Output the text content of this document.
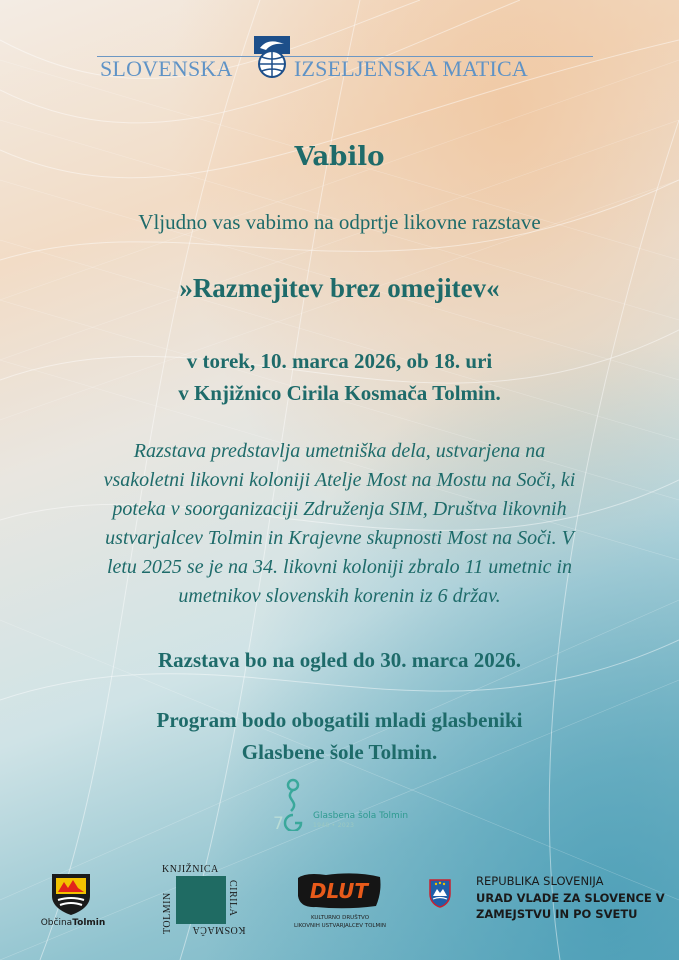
SLOVENSKA	IZSELJENSKA MATICA
Vabilo
Vljudno vas vabimo na odprtje likovne razstave
»Razmejitev brez omejitev«
v torek, 10. marca 2026, ob 18. uri
v Knjižnico Cirila Kosmača Tolmin.
Razstava predstavlja umetniška dela, ustvarjena na
vsakoletni likovni koloniji Atelje Most na Mostu na Soči, ki
poteka v soorganizaciji Združenja SIM, Društva likovnih
ustvarjalcev Tolmin in Krajevne skupnosti Most na Soči. V
letu 2025 se je na 34. likovni koloniji zbralo 11 umetnic in
umetnikov slovenskih korenin iz 6 držav.
Razstava bo na ogled do 30. marca 2026.
Program bodo obogatili mladi glasbeniki
Glasbene šole Tolmin.
7	Glasbena šola Tolmin
1948 • 2023
ObčinaTolmin
KNJIŽNICA
CIRILA
TOLMIN KOSMAČA
DLUT
KULTURNO DRUŠTVO
LIKOVNIH USTVARJALCEV TOLMIN
REPUBLIKA SLOVENIJA
URAD VLADE ZA SLOVENCE V
ZAMEJSTVU IN PO SVETU
